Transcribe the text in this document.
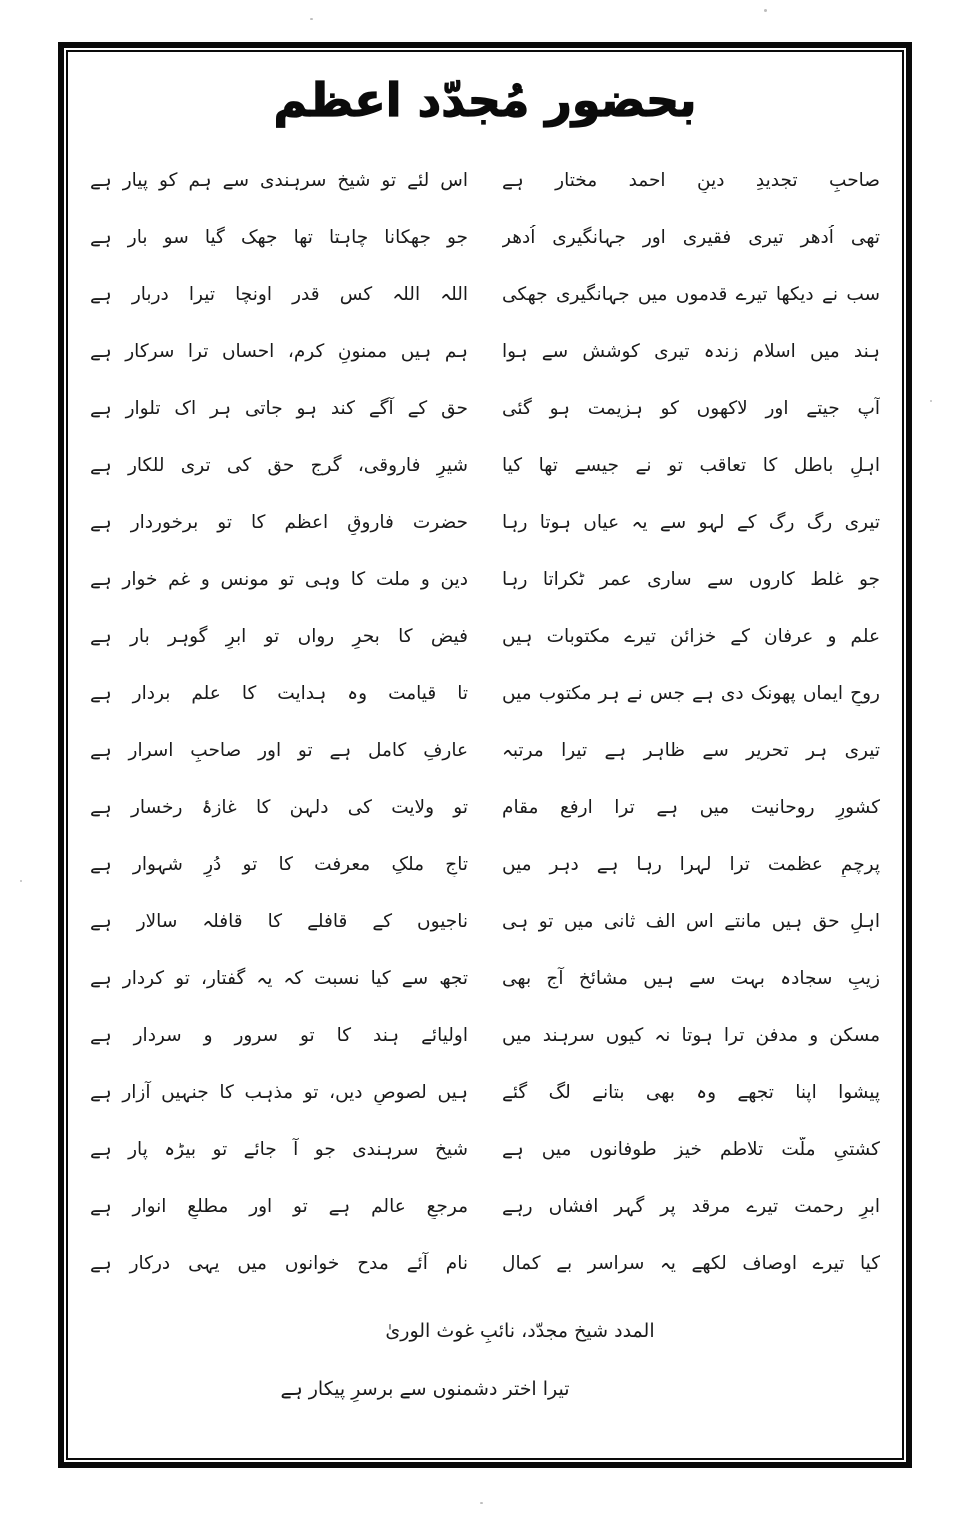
بحضور مُجدّد اعظم
صاحبِ تجدیدِ دینِ احمد مختار ہے
اس لئے تو شیخ سرہندی سے ہم کو پیار ہے
تھی اُدھر تیری فقیری اور جہانگیری اُدھر
جو جھکانا چاہتا تھا جھک گیا سو بار ہے
سب نے دیکھا تیرے قدموں میں جہانگیری جھکی
اللہ اللہ کس قدر اونچا تیرا دربار ہے
ہند میں اسلام زندہ تیری کوشش سے ہوا
ہم ہیں ممنونِ کرم، احساں ترا سرکار ہے
آپ جیتے اور لاکھوں کو ہزیمت ہو گئی
حق کے آگے کند ہو جاتی ہر اک تلوار ہے
اہلِ باطل کا تعاقب تو نے جیسے تھا کیا
شیرِ فاروقی، گرج حق کی تری للکار ہے
تیری رگ رگ کے لہو سے یہ عیاں ہوتا رہا
حضرت فاروقِ اعظم کا تو برخوردار ہے
جو غلط کاروں سے ساری عمر ٹکراتا رہا
دین و ملت کا وہی تو مونس و غم خوار ہے
علم و عرفان کے خزائن تیرے مکتوبات ہیں
فیض کا بحرِ رواں تو ابرِ گوہر بار ہے
روحِ ایماں پھونک دی ہے جس نے ہر مکتوب میں
تا قیامت وہ ہدایت کا علم بردار ہے
تیری ہر تحریر سے ظاہر ہے تیرا مرتبہ
عارفِ کامل ہے تو اور صاحبِ اسرار ہے
کشورِ روحانیت میں ہے ترا ارفع مقام
تو ولایت کی دلہن کا غازۂ رخسار ہے
پرچمِ عظمت ترا لہرا رہا ہے دہر میں
تاجِ ملکِ معرفت کا تو دُرِ شہوار ہے
اہلِ حق ہیں مانتے اس الف ثانی میں تو ہی
ناجیوں کے قافلے کا قافلہ سالار ہے
زیبِ سجادہ بہت سے ہیں مشائخ آج بھی
تجھ سے کیا نسبت کہ یہ گفتار، تو کردار ہے
مسکن و مدفن ترا ہوتا نہ کیوں سرہند میں
اولیائے ہند کا تو سرور و سردار ہے
پیشوا اپنا تجھے وہ بھی بتانے لگ گئے
ہیں لصوصِ دیں، تو مذہب کا جنہیں آزار ہے
کشتیِ ملّت تلاطم خیز طوفانوں میں ہے
شیخ سرہندی جو آ جائے تو بیڑہ پار ہے
ابرِ رحمت تیرے مرقد پر گہر افشاں رہے
مرجعِ عالم ہے تو اور مطلعِ انوار ہے
کیا تیرے اوصاف لکھے یہ سراسر بے کمال
نام آئے مدح خوانوں میں یہی درکار ہے
المدد شیخ مجدّد، نائبِ غوث الوریٰ
تیرا اختر دشمنوں سے برسرِ پیکار ہے
